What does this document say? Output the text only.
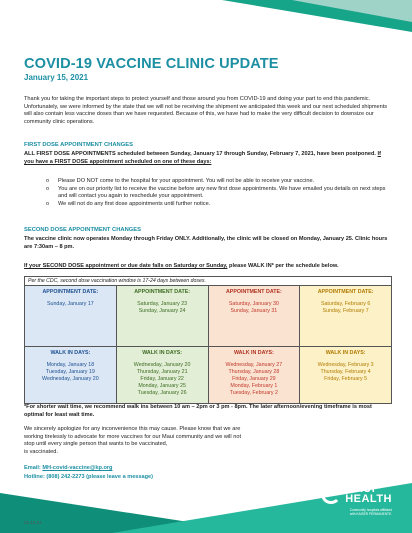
COVID-19 VACCINE CLINIC UPDATE
January 15, 2021
Thank you for taking the important steps to protect yourself and those around you from COVID-19 and doing your part to end this pandemic. Unfortunately, we were informed by the state that we will not be receiving the shipment we anticipated this week and our next scheduled shipments will also contain less vaccine doses than we have requested. Because of this, we have had to make the very difficult decision to downsize our community clinic operations.
FIRST DOSE APPOINTMENT CHANGES
ALL FIRST DOSE APPOINTMENTS scheduled between Sunday, January 17 through Sunday, February 7, 2021, have been postponed. If you have a FIRST DOSE appointment scheduled on one of these days:
o Please DO NOT come to the hospital for your appointment. You will not be able to receive your vaccine.
o You are on our priority list to receive the vaccine before any new first dose appointments. We have emailed you details on next steps and will contact you again to reschedule your appointment.
o We will not do any first dose appointments until further notice.
SECOND DOSE APPOINTMENT CHANGES
The vaccine clinic now operates Monday through Friday ONLY. Additionally, the clinic will be closed on Monday, January 25. Clinic hours are 7:30am – 8 pm.
If your SECOND DOSE appointment or due date falls on Saturday or Sunday, please WALK IN* per the schedule below.
Per the CDC, second dose vaccination window is 17-24 days between doses.
APPOINTMENT DATE:
Sunday, January 17
APPOINTMENT DATE:
Saturday, January 23
Sunday, January 24
APPOINTMENT DATE:
Saturday, January 30
Sunday, January 31
APPOINTMENT DATE:
Saturday, February 6
Sunday, February 7
WALK IN DAYS:
Monday, January 18
Tuesday, January 19
Wednesday, January 20
WALK IN DAYS:
Wednesday, January 20
Thursday, January 21
Friday, January 22
Monday, January 25
Tuesday, January 26
WALK IN DAYS:
Wednesday, January 27
Thursday, January 28
Friday, January 29
Monday, February 1
Tuesday, February 2
WALK IN DAYS:
Wednesday, February 3
Thursday, February 4
Friday, February 5
*For shorter wait time, we recommend walk ins between 10 am – 2pm or 3 pm - 8pm. The later afternoon/evening timeframe is most optimal for least wait time.
We sincerely apologize for any inconvenience this may cause. Please know that we are
working tirelessly to advocate for more vaccines for our Maui community and we will not
stop until every single person that wants to be vaccinated,
is vaccinated.
Email: MH-covid-vaccine@kp.org
Hotline: (808) 242-2273 (please leave a message)
MAUI
HEALTH
Community hospitals affiliated
with KAISER PERMANENTE.
01.19.21
